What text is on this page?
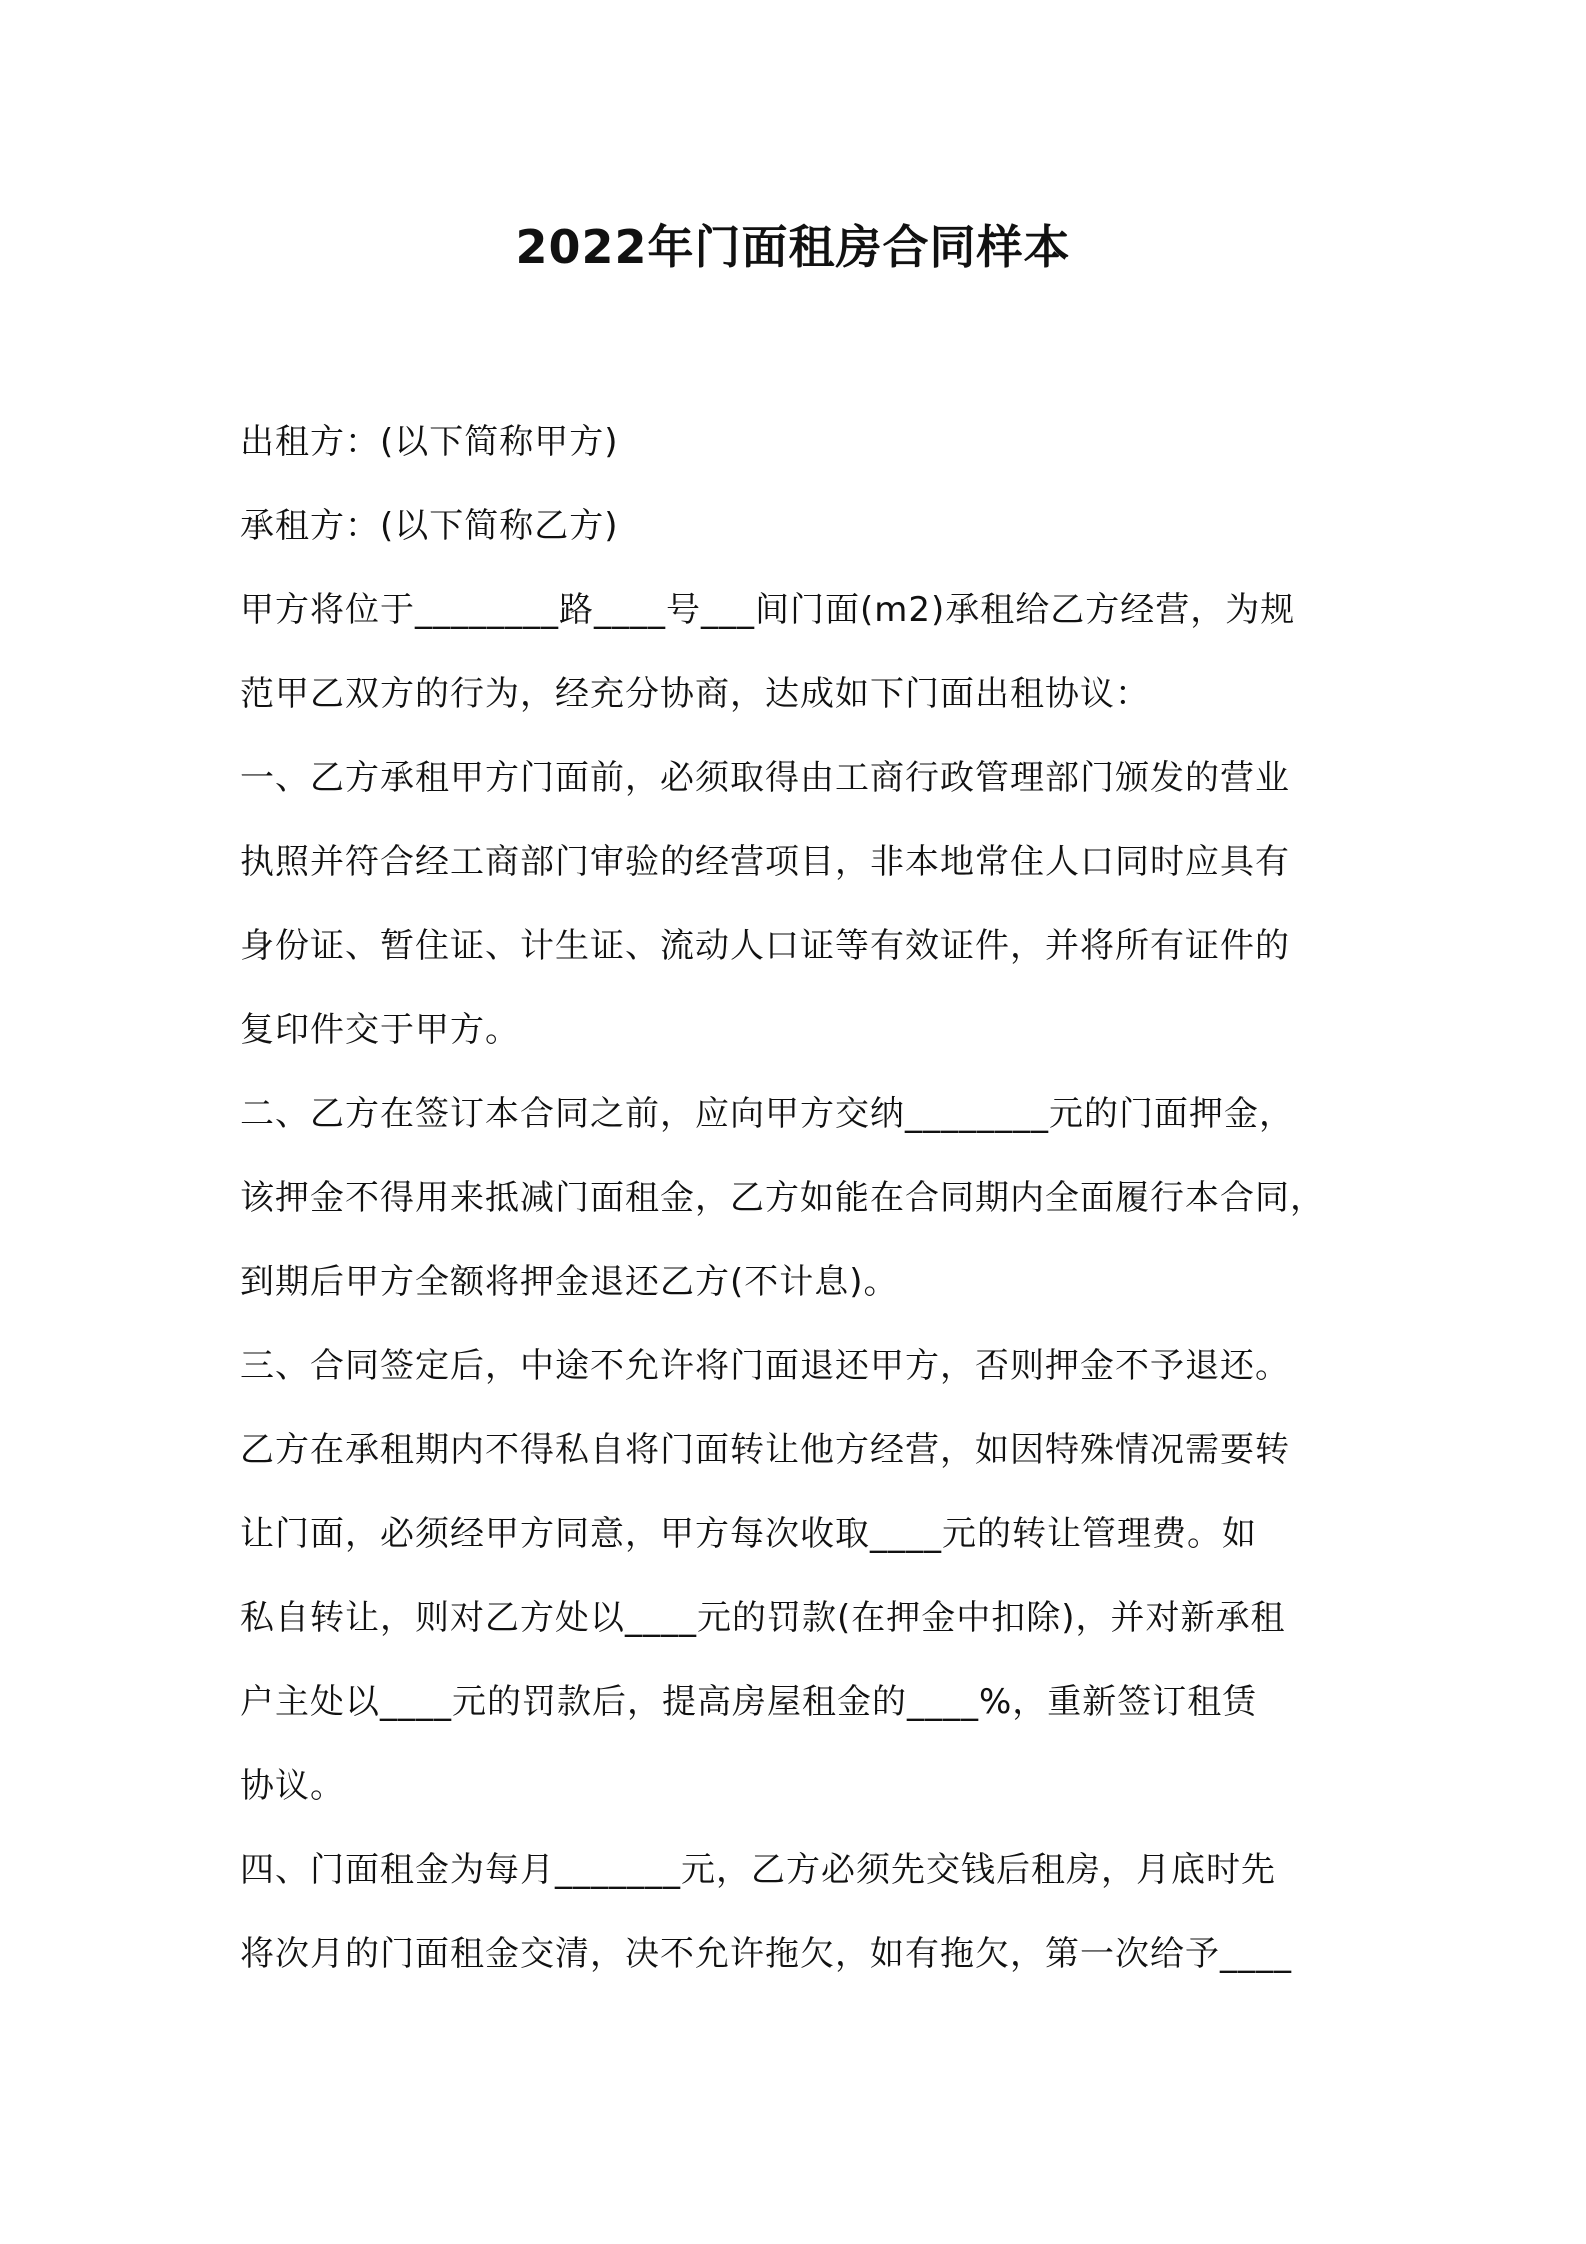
2022年门面租房合同样本
出租方：(以下简称甲方)
承租方：(以下简称乙方)
甲方将位于________路____号___间门面(m2)承租给乙方经营，为规
范甲乙双方的行为，经充分协商，达成如下门面出租协议：
一、乙方承租甲方门面前，必须取得由工商行政管理部门颁发的营业
执照并符合经工商部门审验的经营项目，非本地常住人口同时应具有
身份证、暂住证、计生证、流动人口证等有效证件，并将所有证件的
复印件交于甲方。
二、乙方在签订本合同之前，应向甲方交纳________元的门面押金，
该押金不得用来抵减门面租金，乙方如能在合同期内全面履行本合同，
到期后甲方全额将押金退还乙方(不计息)。
三、合同签定后，中途不允许将门面退还甲方，否则押金不予退还。
乙方在承租期内不得私自将门面转让他方经营，如因特殊情况需要转
让门面，必须经甲方同意，甲方每次收取____元的转让管理费。如
私自转让，则对乙方处以____元的罚款(在押金中扣除)，并对新承租
户主处以____元的罚款后，提高房屋租金的____%，重新签订租赁
协议。
四、门面租金为每月_______元，乙方必须先交钱后租房，月底时先
将次月的门面租金交清，决不允许拖欠，如有拖欠，第一次给予____
